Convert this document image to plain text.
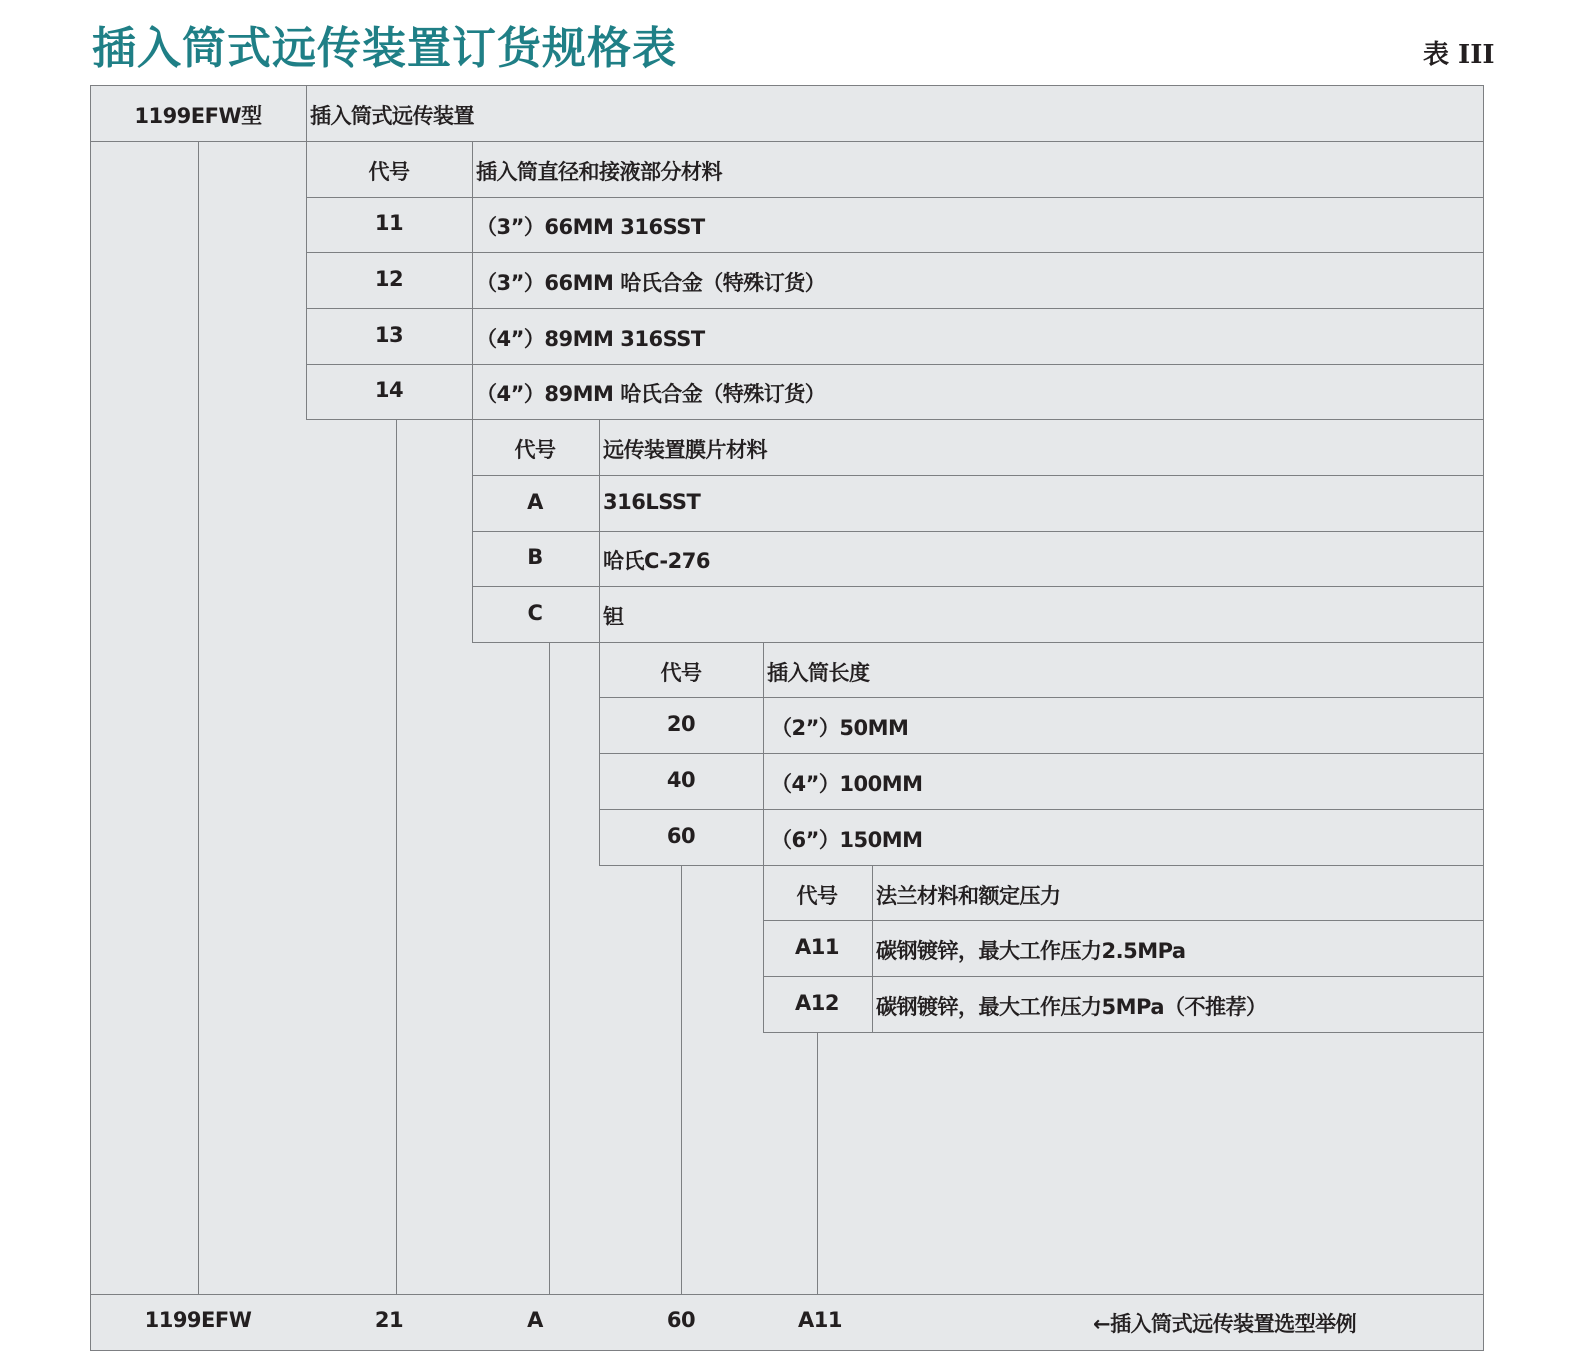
插入筒式远传装置订货规格表	表 III
1199EFW型 插入筒式远传装置
代号	插入筒直径和接液部分材料
11	（3”）66MM 316SST
12	（3”）66MM 哈氏合金（特殊订货）
13	（4”）89MM 316SST
14	（4”）89MM 哈氏合金（特殊订货）
代号 远传装置膜片材料
A	316LSST
B	哈氏C-276
C	钽
代号	插入筒长度
20	（2”）50MM
40	（4”）100MM
60	（6”）150MM
代号 法兰材料和额定压力
A11 碳钢镀锌，最大工作压力2.5MPa
A12 碳钢镀锌，最大工作压力5MPa（不推荐）
1199EFW	21	A	60	A11	←插入筒式远传装置选型举例
